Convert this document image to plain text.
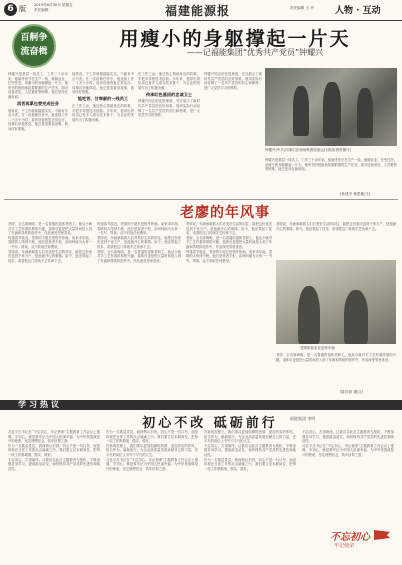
6 版 2019年8月30日 星期五
责任编辑：	福建能源报	责任编辑 王 玲 人物 · 互动
百舸争
流奋楫
用瘦小的身躯撑起一片天
——记福能集团“优秀共产党员”钟耀兴
钟耀兴是基层一线员工，工作三十余年来，他始终坚守在生产一线，兢兢业业，任劳任怨，用瘦小的身躯撑起一片天。他所在的班组承担着繁重的生产任务，面对设备老化、人员紧张等困难，他总是冲在最前面。
再苦再累也要完成任务
他常说，干工作就要踏踏实实，不能有半点马虎。在一次抢修任务中，他连续工作二十多个小时，直到设备恢复正常运行。同事们劝他休息，他总是笑着说没事，我身体好着呢。
他常说，干工作就要踏踏实实，不能有半点马虎。在一次抢修任务中，他连续工作二十多个小时，直到设备恢复正常运行。同事们劝他休息，他总是笑着说没事，我身体好着呢。
能吃苦、甘奉献的一线员工
在工作之余，他还热心帮助身边的同事，手把手传授技术经验。多年来，他带出的徒弟已有多人成为技术骨干，为企业的发展作出了积极贡献。
在工作之余，他还热心帮助身边的同事，手把手传授技术经验。多年来，他带出的徒弟已有多人成为技术骨干，为企业的发展作出了积极贡献。
传承红色基因的忠诚卫士
钟耀兴同志的先进事迹，充分展示了新时代共产党员的良好形象。他用实际行动诠释了一名共产党员的初心和使命，是广大党员学习的榜样。
钟耀兴同志的先进事迹，充分展示了新时代共产党员的良好形象。他用实际行动诠释了一名共产党员的初心和使命，是广大党员学习的榜样。
钟耀兴(中)与同事们在现场察看设备运行情况(资料图片)
钟耀兴是基层一线员工，工作三十余年来，他始终坚守在生产一线，兢兢业业，任劳任怨，用瘦小的身躯撑起一片天。他所在的班组承担着繁重的生产任务，面对设备老化、人员紧张等困难，他总是冲在最前面。
(孙建平 林思敏/文)
老廖的年风事
老廖，全名廖海明，是一名普通的退休老职工。他从小就对手工艺有着浓厚的兴趣，退休后更是把大量时间投入到了年画和剪纸的创作中，作品深受邻里喜爱。
每逢春节临近，老廖的小屋总是格外热闹。前来求年画、春联的人络绎不绝，他总是来者不拒，乐呵呵地为大家一一书写、剪裁，从不收取任何费用。
老廖说，年画承载着人们对美好生活的向往，能把这份喜庆送到千家万户，是他最开心的事情。如今，他还带起了徒弟，希望把这门传统手艺传承下去。
每逢春节临近，老廖的小屋总是格外热闹。前来求年画、春联的人络绎不绝，他总是来者不拒，乐呵呵地为大家一一书写、剪裁，从不收取任何费用。
老廖说，年画承载着人们对美好生活的向往，能把这份喜庆送到千家万户，是他最开心的事情。如今，他还带起了徒弟，希望把这门传统手艺传承下去。
老廖，全名廖海明，是一名普通的退休老职工。他从小就对手工艺有着浓厚的兴趣，退休后更是把大量时间投入到了年画和剪纸的创作中，作品深受邻里喜爱。
老廖说，年画承载着人们对美好生活的向往，能把这份喜庆送到千家万户，是他最开心的事情。如今，他还带起了徒弟，希望把这门传统手艺传承下去。
老廖，全名廖海明，是一名普通的退休老职工。他从小就对手工艺有着浓厚的兴趣，退休后更是把大量时间投入到了年画和剪纸的创作中，作品深受邻里喜爱。
每逢春节临近，老廖的小屋总是格外热闹。前来求年画、春联的人络绎不绝，他总是来者不拒，乐呵呵地为大家一一书写、剪裁，从不收取任何费用。
老廖说，年画承载着人们对美好生活的向往，能把这份喜庆送到千家万户，是他最开心的事情。如今，他还带起了徒弟，希望把这门传统手艺传承下去。
老廖和徒弟在创作年画
老廖，全名廖海明，是一名普通的退休老职工。他从小就对手工艺有着浓厚的兴趣，退休后更是把大量时间投入到了年画和剪纸的创作中，作品深受邻里喜爱。
(陈洋萍 摄/文)
学习热议
初心不改 砥砺前行	福能集团 李明
习近平总书记在“不忘初心、牢记使命”主题教育工作会议上强调，守初心，就是要牢记为中国人民谋幸福、为中华民族谋复兴的使命，坚定理想信念，筑牢信仰之基。
作为一名基层党员，我深刻认识到，初心不是一句口号，而是体现在日常工作的点点滴滴之中。我们要立足本职岗位，把每一项工作都做细、做实、做好。
不忘初心，方得始终。让我们以此次主题教育为契机，不断加强自身学习，提高政治站位，始终保持共产党员的先进性和纯洁性。
作为一名基层党员，我深刻认识到，初心不是一句口号，而是体现在日常工作的点点滴滴之中。我们要立足本职岗位，把每一项工作都做细、做实、做好。
在新的征程上，我们要以更加饱满的热情、更加务实的作风，担当作为，砥砺前行，为企业高质量发展贡献自己的力量，在平凡的岗位上书写不平凡的人生。
习近平总书记在“不忘初心、牢记使命”主题教育工作会议上强调，守初心，就是要牢记为中国人民谋幸福、为中华民族谋复兴的使命，坚定理想信念，筑牢信仰之基。
在新的征程上，我们要以更加饱满的热情、更加务实的作风，担当作为，砥砺前行，为企业高质量发展贡献自己的力量，在平凡的岗位上书写不平凡的人生。
不忘初心，方得始终。让我们以此次主题教育为契机，不断加强自身学习，提高政治站位，始终保持共产党员的先进性和纯洁性。
作为一名基层党员，我深刻认识到，初心不是一句口号，而是体现在日常工作的点点滴滴之中。我们要立足本职岗位，把每一项工作都做细、做实、做好。
不忘初心，方得始终。让我们以此次主题教育为契机，不断加强自身学习，提高政治站位，始终保持共产党员的先进性和纯洁性。
习近平总书记在“不忘初心、牢记使命”主题教育工作会议上强调，守初心，就是要牢记为中国人民谋幸福、为中华民族谋复兴的使命，坚定理想信念，筑牢信仰之基。
不忘初心
牢记使命
